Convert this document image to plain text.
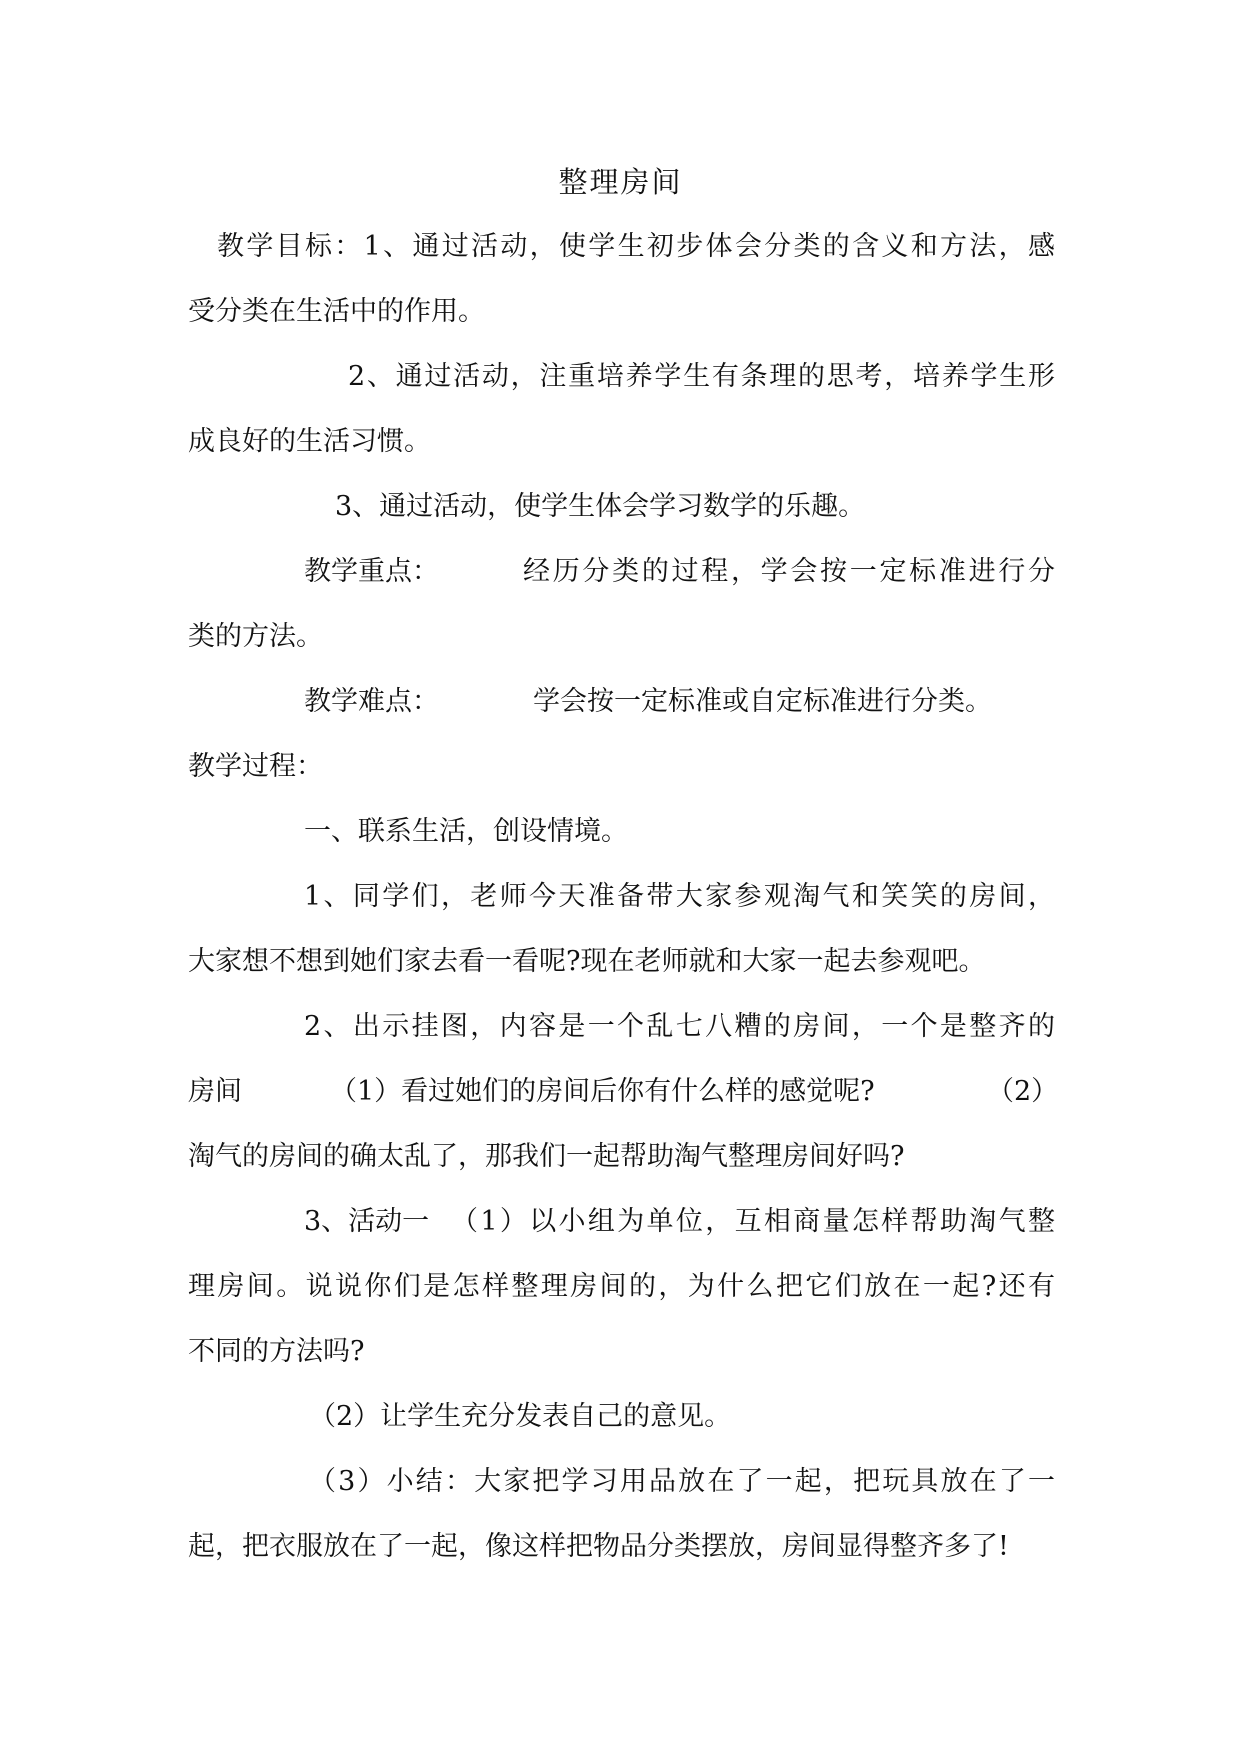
整理房间
教学目标：1、通过活动，使学生初步体会分类的含义和方法，感
受分类在生活中的作用。
2、通过活动，注重培养学生有条理的思考，培养学生形
成良好的生活习惯。
3、通过活动，使学生体会学习数学的乐趣。
教学重点：	经历分类的过程，学会按一定标准进行分
类的方法。
教学难点：	学会按一定标准或自定标准进行分类。
教学过程：
一、联系生活，创设情境。
1、同学们，老师今天准备带大家参观淘气和笑笑的房间，
大家想不想到她们家去看一看呢?现在老师就和大家一起去参观吧。
2、出示挂图，内容是一个乱七八糟的房间，一个是整齐的
房间	（1）看过她们的房间后你有什么样的感觉呢?	（2）
淘气的房间的确太乱了，那我们一起帮助淘气整理房间好吗?
3、活动一 （1）以小组为单位，互相商量怎样帮助淘气整
理房间。说说你们是怎样整理房间的，为什么把它们放在一起?还有
不同的方法吗?
（2）让学生充分发表自己的意见。
（3）小结：大家把学习用品放在了一起，把玩具放在了一
起，把衣服放在了一起，像这样把物品分类摆放，房间显得整齐多了!
